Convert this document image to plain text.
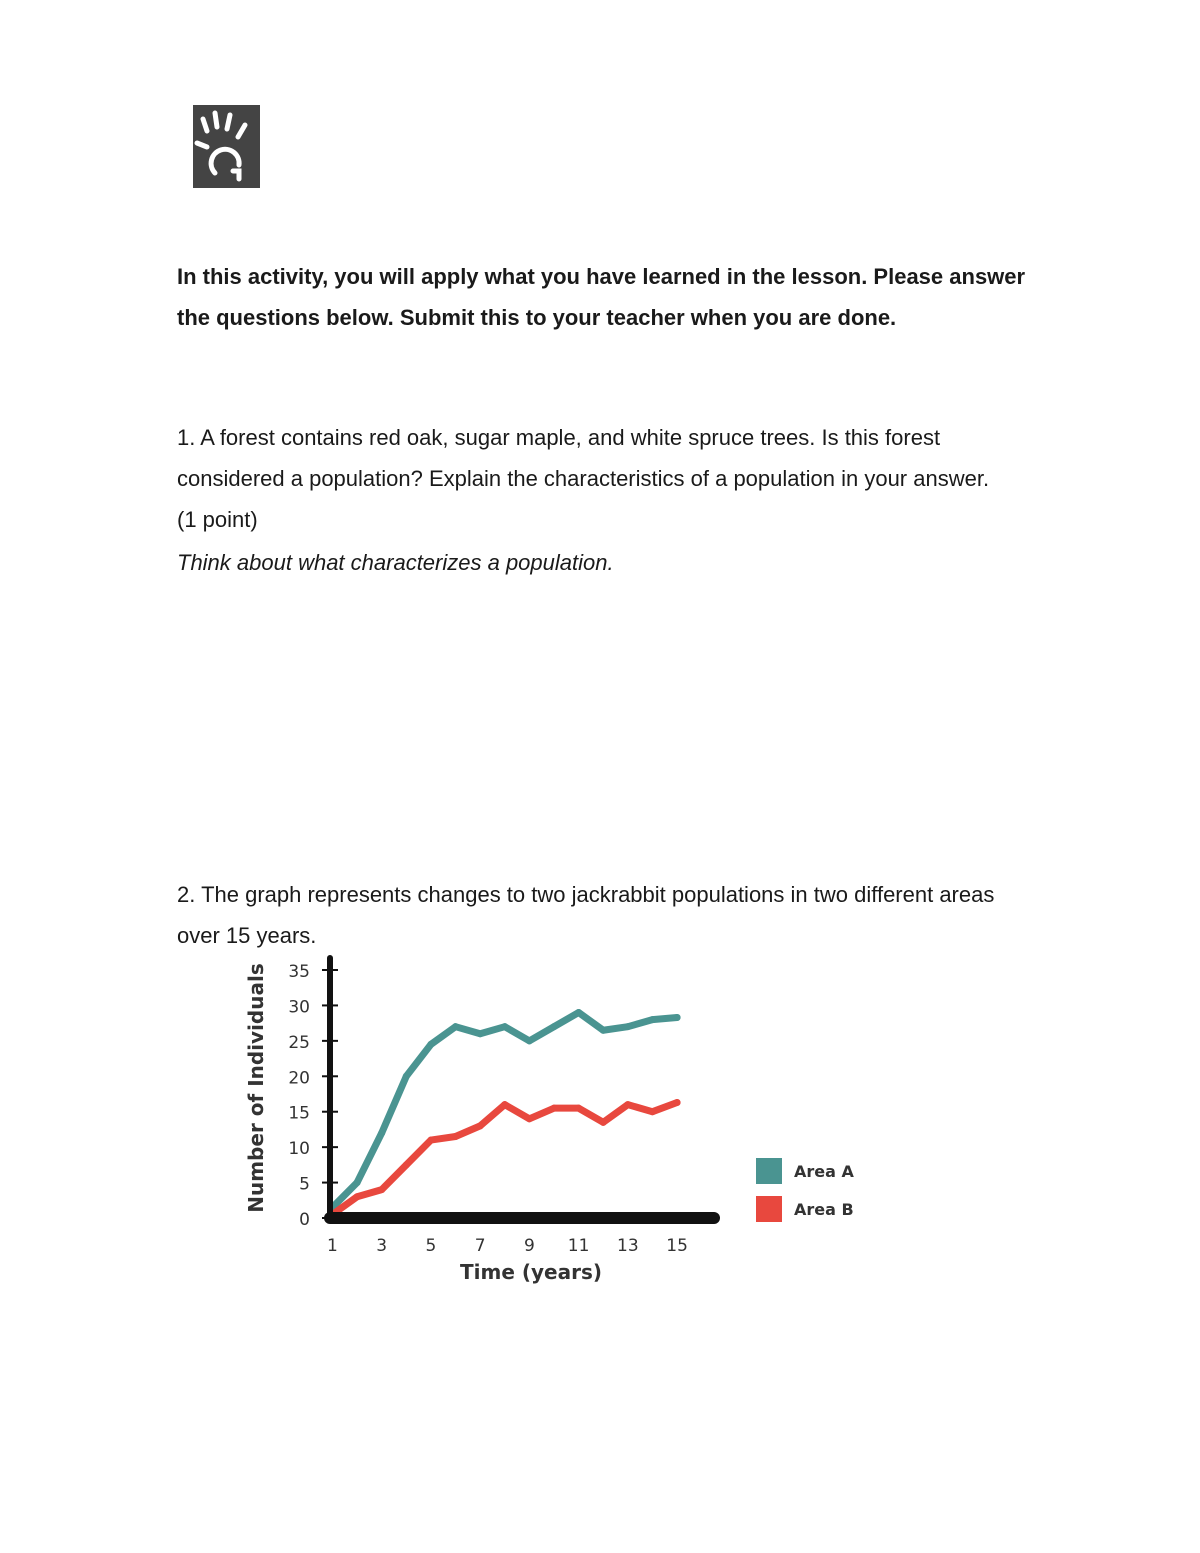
In this activity, you will apply what you have learned in the lesson. Please answer
the questions below. Submit this to your teacher when you are done.

1. A forest contains red oak, sugar maple, and white spruce trees. Is this forest
considered a population? Explain the characteristics of a population in your answer.
(1 point)

Think about what characterizes a population.

2. The graph represents changes to two jackrabbit populations in two different areas
over 15 years.

Number of Individuals
Time (years)
0
5
10
15
20
25
30
35
1 3 5 7 9 11 13 15
Area A
Area B
